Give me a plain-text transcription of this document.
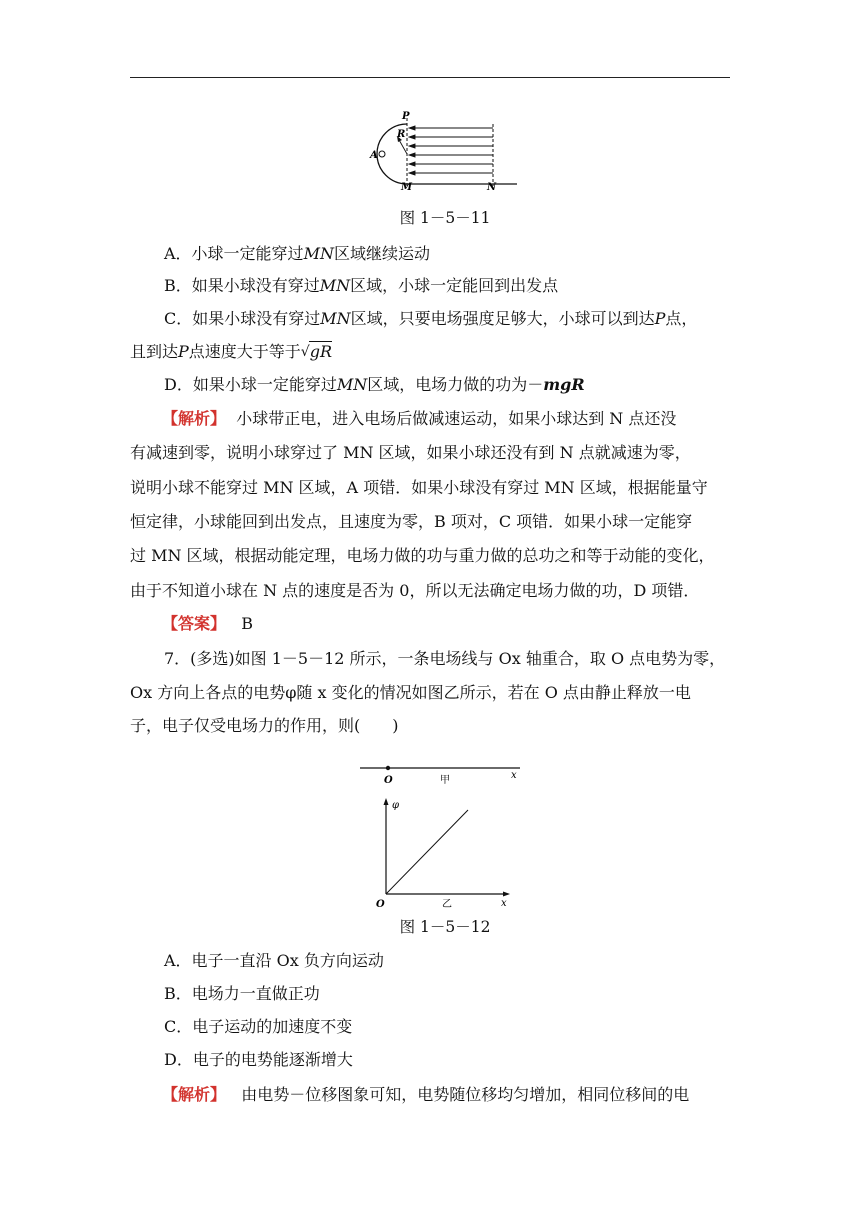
P
R
A
M	N
图 1－5－11
A．小球一定能穿过MN区域继续运动
B．如果小球没有穿过MN区域，小球一定能回到出发点
C．如果小球没有穿过MN区域，只要电场强度足够大，小球可以到达P点，
且到达P点速度大于等于 √ gR
D．如果小球一定能穿过MN区域，电场力做的功为－mgR
【解析】 小球带正电，进入电场后做减速运动，如果小球达到 N 点还没
有减速到零，说明小球穿过了 MN 区域，如果小球还没有到 N 点就减速为零，
说明小球不能穿过 MN 区域，A 项错．如果小球没有穿过 MN 区域，根据能量守
恒定律，小球能回到出发点，且速度为零，B 项对，C 项错．如果小球一定能穿
过 MN 区域，根据动能定理，电场力做的功与重力做的总功之和等于动能的变化，
由于不知道小球在 N 点的速度是否为 0，所以无法确定电场力做的功，D 项错．
【答案】 B
7．(多选)如图 1－5－12 所示，一条电场线与 Ox 轴重合，取 O 点电势为零，
Ox 方向上各点的电势φ随 x 变化的情况如图乙所示，若在 O 点由静止释放一电
子，电子仅受电场力的作用，则(　　)
O	甲	x
φ
O	乙	x
图 1－5－12
A．电子一直沿 Ox 负方向运动
B．电场力一直做正功
C．电子运动的加速度不变
D．电子的电势能逐渐增大
【解析】 由电势－位移图象可知，电势随位移均匀增加，相同位移间的电
